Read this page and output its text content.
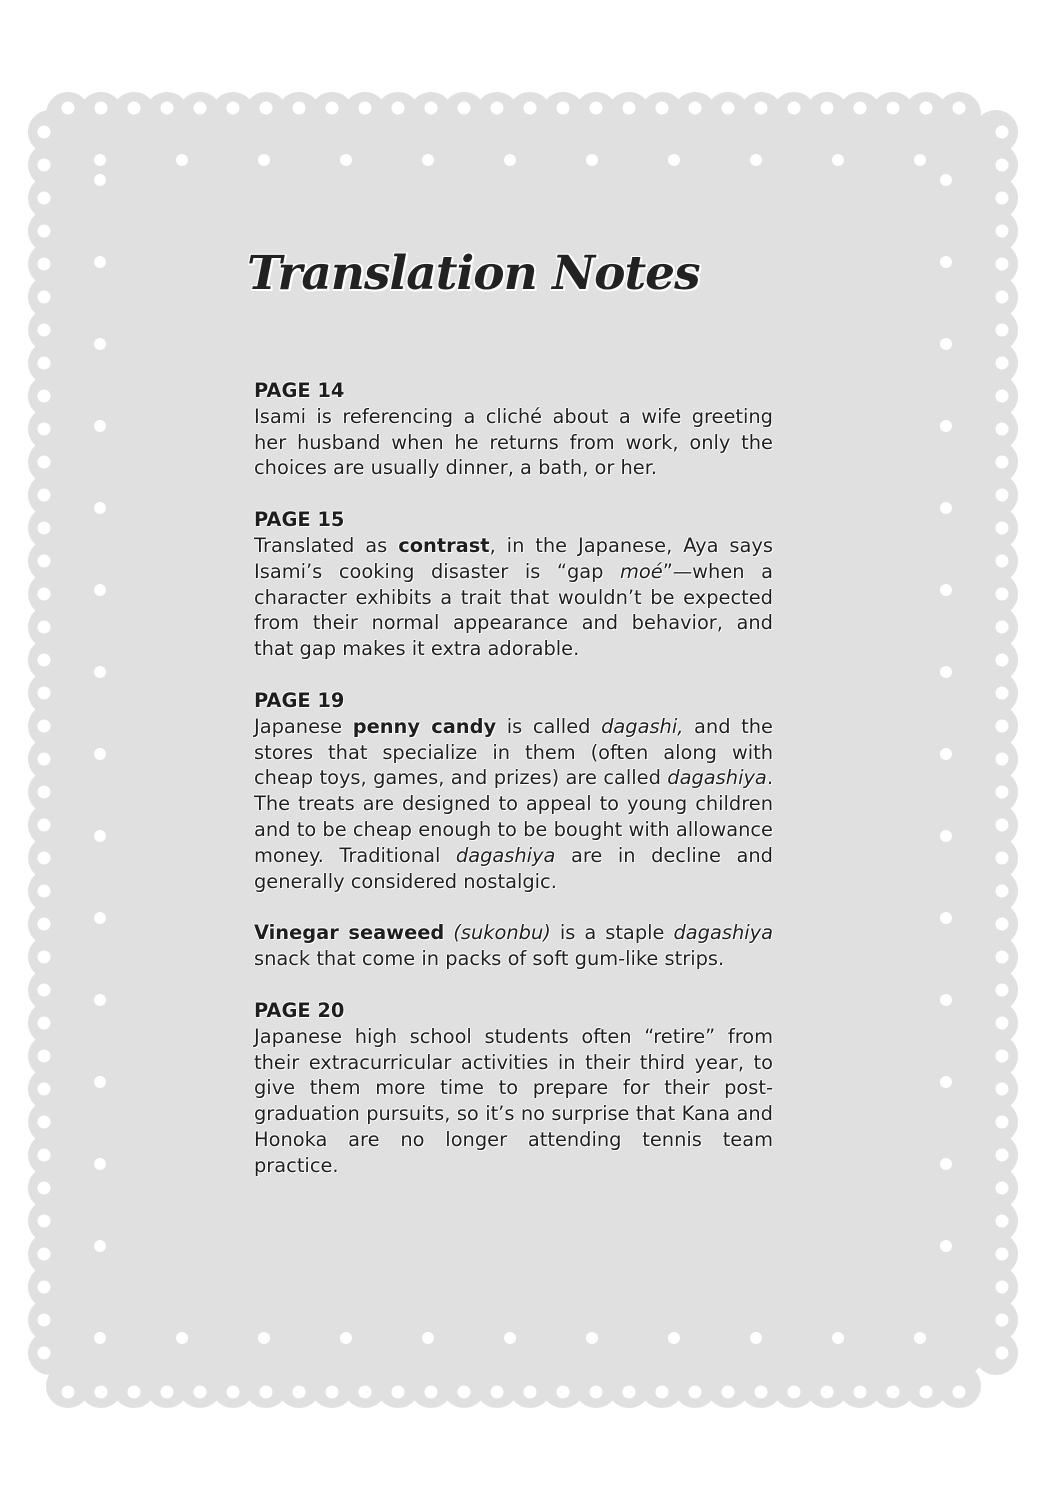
Translation Notes

PAGE 14

Isami is referencing a cliché about a wife greeting her husband when he returns from work, only the choices are usually dinner, a bath, or her.

PAGE 15

Translated as contrast, in the Japanese, Aya says Isami’s cooking disaster is “gap moé”—when a character exhibits a trait that wouldn’t be expected from their normal appearance and behavior, and that gap makes it extra adorable.

PAGE 19

Japanese penny candy is called dagashi, and the stores that specialize in them (often along with cheap toys, games, and prizes) are called dagashiya. The treats are designed to appeal to young children and to be cheap enough to be bought with allowance money. Traditional dagashiya are in decline and generally considered nostalgic.

Vinegar seaweed (sukonbu) is a staple dagashiya snack that come in packs of soft gum-like strips.

PAGE 20

Japanese high school students often “retire” from their extracurricular activities in their third year, to give them more time to prepare for their post-graduation pursuits, so it’s no surprise that Kana and Honoka are no longer attending tennis team practice.
